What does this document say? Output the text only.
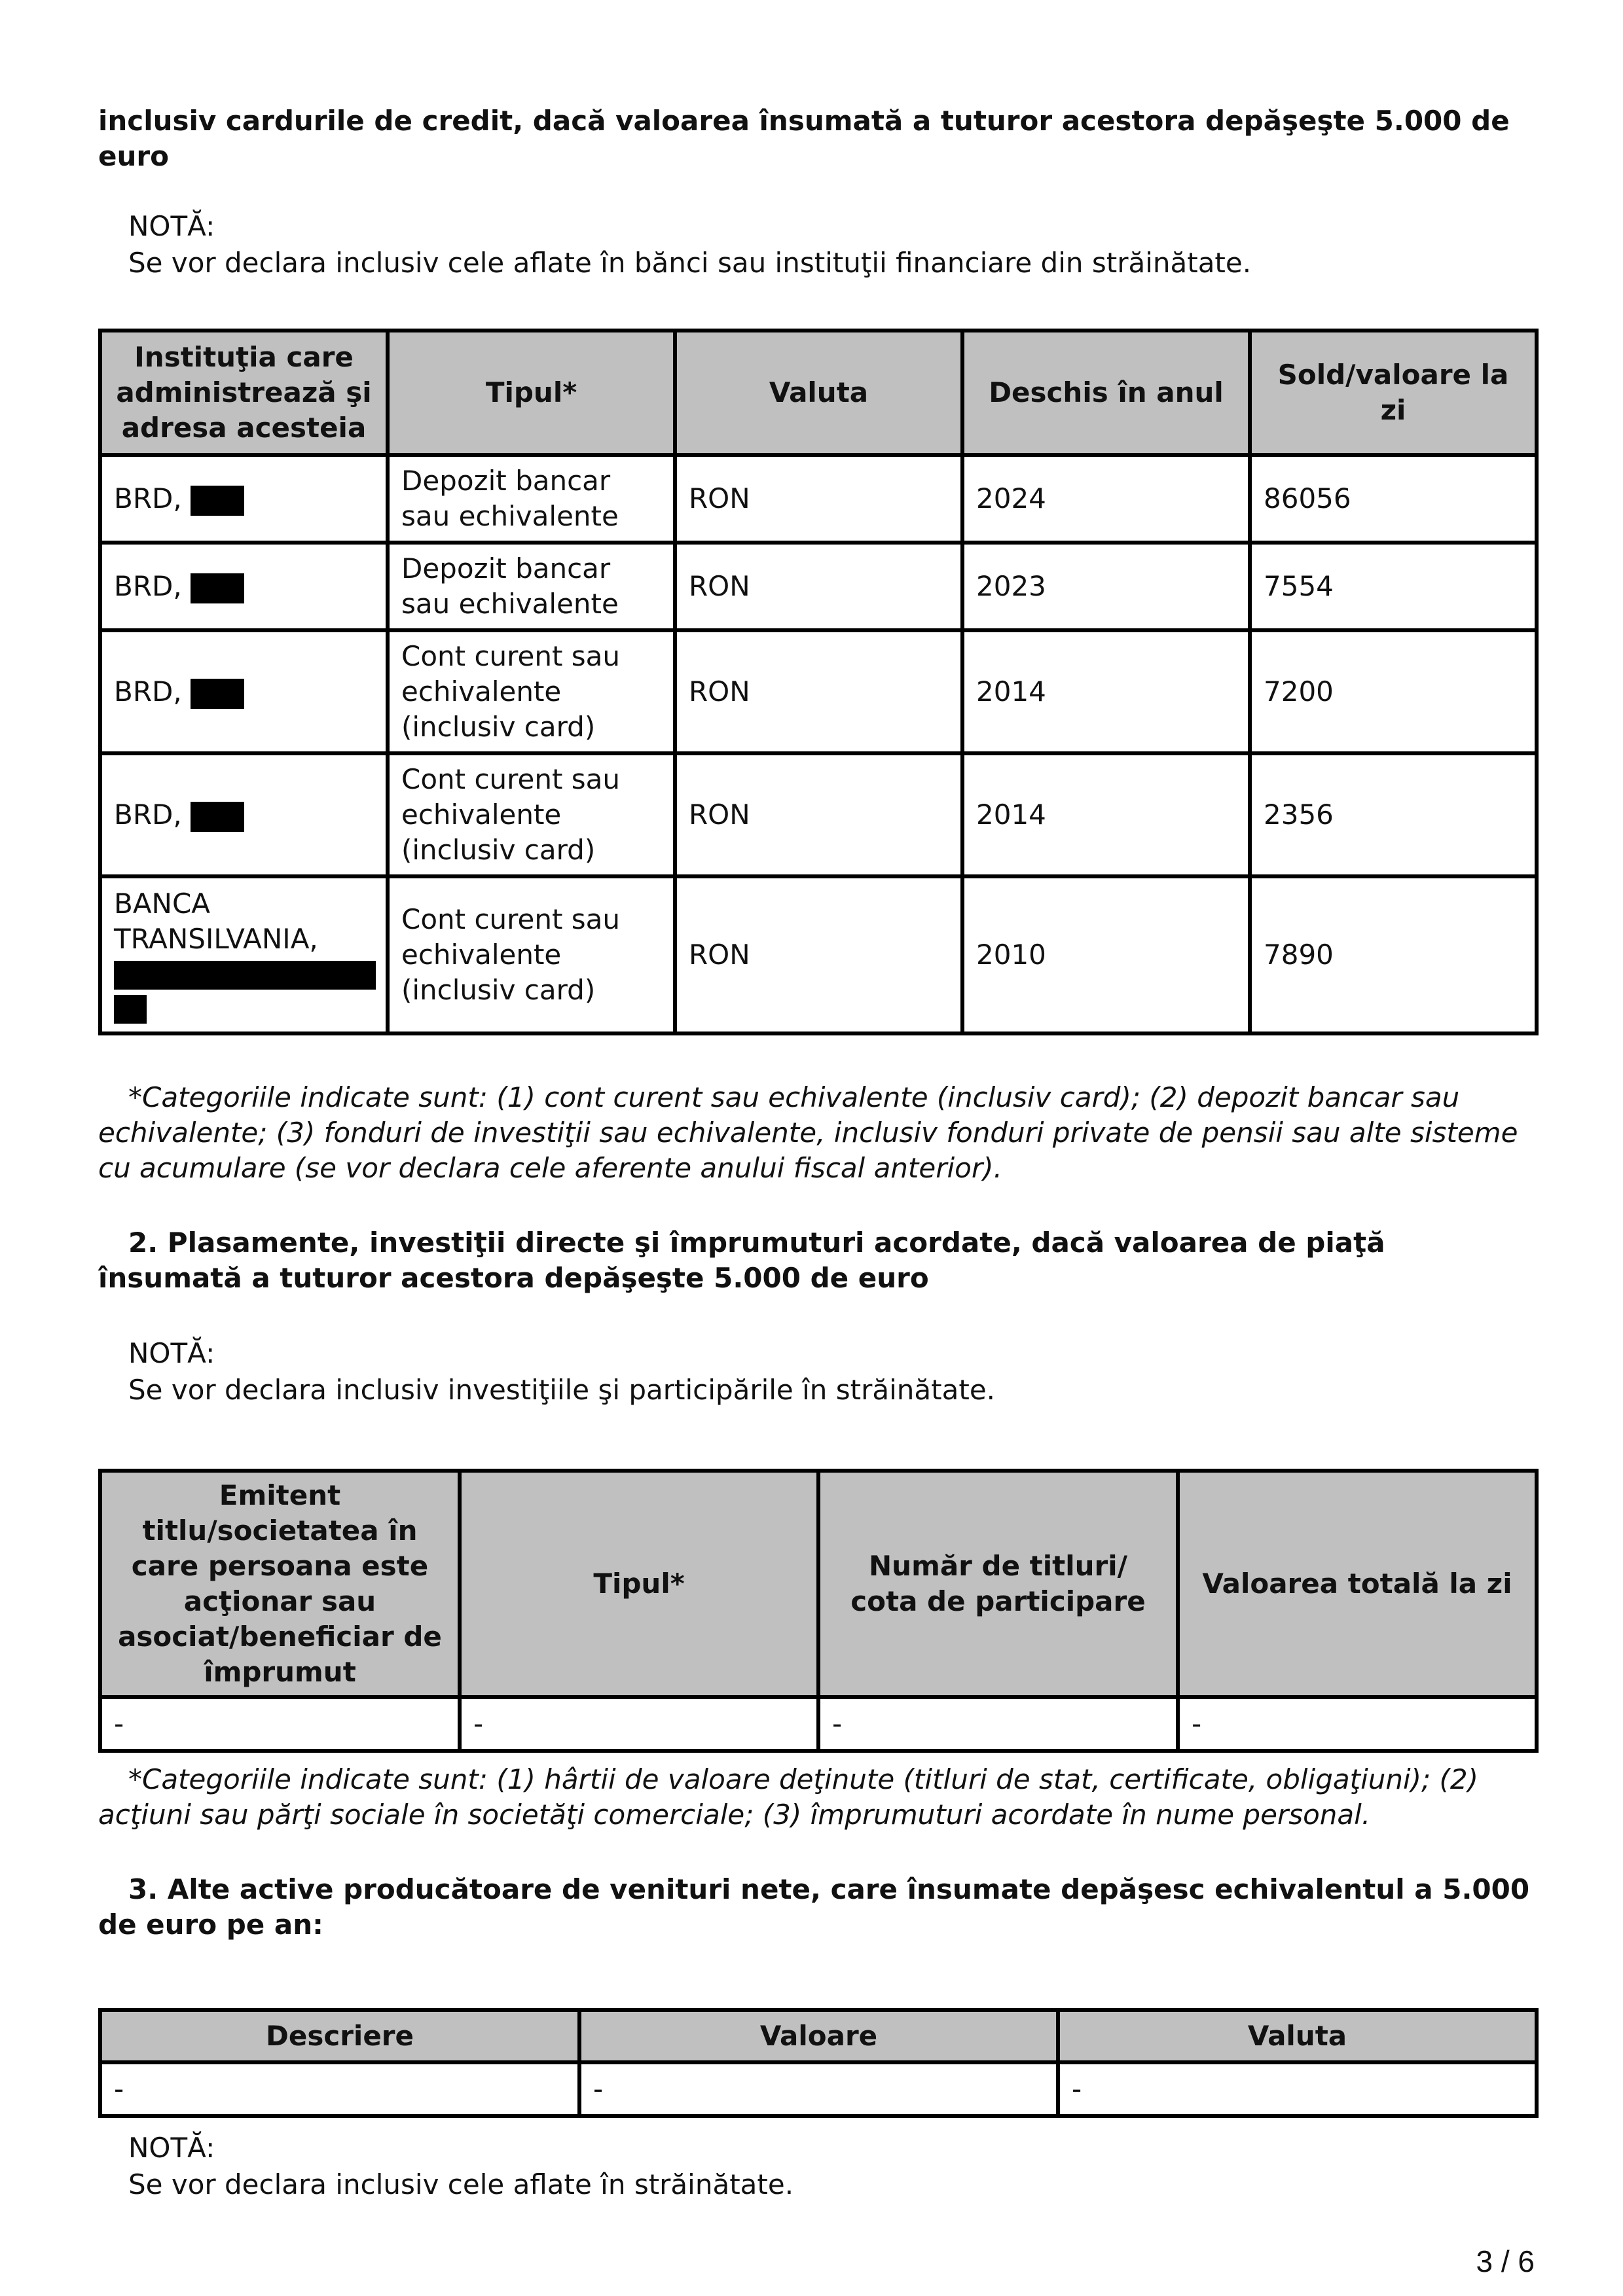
inclusiv cardurile de credit, dacă valoarea însumată a tuturor acestora depăşeşte 5.000 de euro

NOTĂ:

Se vor declara inclusiv cele aflate în bănci sau instituţii financiare din străinătate.

Instituţia care administrează şi adresa acesteia	Tipul*	Valuta	Deschis în anul	Sold/valoare la zi
BRD,	Depozit bancar sau echivalente	RON	2024	86056
BRD,	Depozit bancar sau echivalente	RON	2023	7554
BRD,	Cont curent sau echivalente (inclusiv card)	RON	2014	7200
BRD,	Cont curent sau echivalente (inclusiv card)	RON	2014	2356

BANCA TRANSILVANIA,	Cont curent sau echivalente (inclusiv card)	RON	2010	7890

*Categoriile indicate sunt: (1) cont curent sau echivalente (inclusiv card); (2) depozit bancar sau echivalente; (3) fonduri de investiţii sau echivalente, inclusiv fonduri private de pensii sau alte sisteme cu acumulare (se vor declara cele aferente anului fiscal anterior).

2. Plasamente, investiţii directe şi împrumuturi acordate, dacă valoarea de piaţă însumată a tuturor acestora depăşeşte 5.000 de euro

NOTĂ:

Se vor declara inclusiv investiţiile şi participările în străinătate.

Emitent titlu/societatea în care persoana este acţionar sau asociat/beneficiar de împrumut	Tipul*	Număr de titluri/ cota de participare	Valoarea totală la zi
-	-	-	-

*Categoriile indicate sunt: (1) hârtii de valoare deţinute (titluri de stat, certificate, obligaţiuni); (2) acţiuni sau părţi sociale în societăţi comerciale; (3) împrumuturi acordate în nume personal.

3. Alte active producătoare de venituri nete, care însumate depăşesc echivalentul a 5.000 de euro pe an:

Descriere	Valoare	Valuta
-	-	-

NOTĂ:

Se vor declara inclusiv cele aflate în străinătate.

3 / 6
